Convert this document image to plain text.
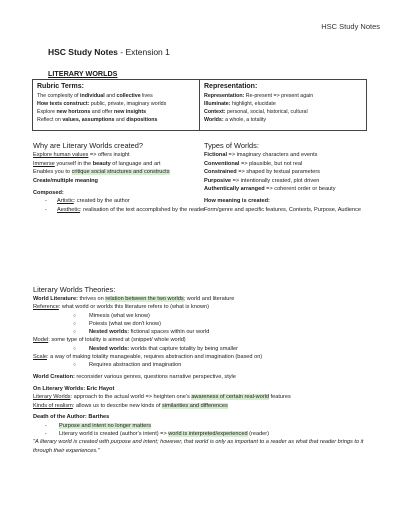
HSC Study Notes
HSC Study Notes - Extension 1
LITERARY WORLDS
Rubric Terms:
The complexity of individual and collective lives
How texts construct: public, private, imaginary worlds
Explore new horizons and offer new insights
Reflect on values, assumptions and dispositions
Representation:
Representation: Re-present => present again
Illuminate: highlight, elucidate
Context: personal, social, historical, cultural
Worlds: a whole, a totality
Why are Literary Worlds created?
Explore human values => offers insight
Immerse yourself in the beauty of language and art
Enables you to critique social structures and constructs
Create/multiple meaning
Composed:
- Artistic: created by the author
- Aesthetic: realisation of the text accomplished by the reader
Types of Worlds:
Fictional => imaginary characters and events
Conventional => plausible, but not real
Constrained => shaped by textual parameters
Purposive => intentionally created, plot driven
Authentically arranged => coherent order or beauty
How meaning is created:
Form/genre and specific features, Contexts, Purpose, Audience
Literary Worlds Theories:
World Literature: thrives on relation between the two worlds; world and literature
Reference: what world or worlds this literature refers to (what is known)
○ Mimesis (what we know)
○ Poiesis (what we don't know)
○ Nested worlds: fictional spaces within our world
Model: some type of totality is aimed at (snippet/ whole world)
○ Nested worlds: worlds that capture totality by being smaller
Scale: a way of making totality manageable, requires abstraction and imagination (based on)
○ Requires abstraction and imagination
World Creation: reconsider various genres, questions narrative perspective, style
On Literary Worlds: Eric Hayot
Literary Worlds: approach to the actual world => heighten one's awareness of certain real-world features
Kinds of realism: allows us to describe new kinds of similarities and differences
Death of the Author: Barthes
- Purpose and intent no longer matters
- Literary world is created (author's intent) => world is interpreted/experienced (reader)
"A literary world is created with purpose and intent; however, that world is only as important to a reader as what that reader brings to it through their experiences."
